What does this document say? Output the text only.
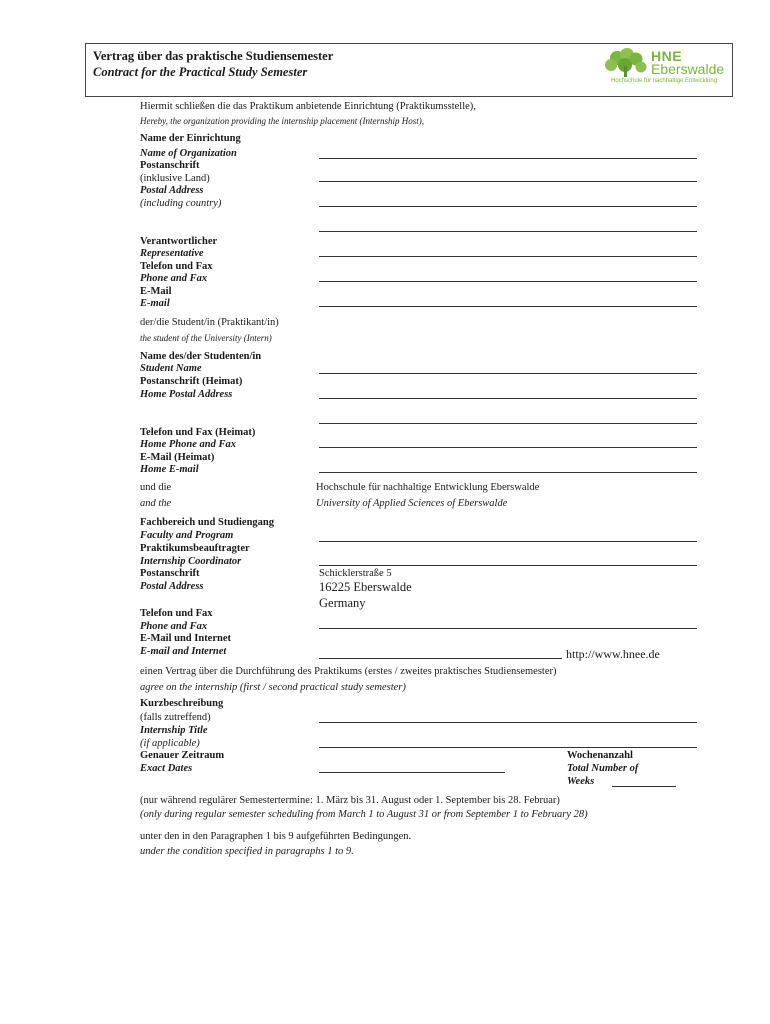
Vertrag über das praktische Studiensemester
Contract for the Practical Study Semester
HNE
Eberswalde
Hochschule für nachhaltige Entwicklung
Hiermit schließen die das Praktikum anbietende Einrichtung (Praktikumsstelle),
Hereby, the organization providing the internship placement (Internship Host),
Name der Einrichtung
Name of Organization
Postanschrift
(inklusive Land)
Postal Address
(including country)
Verantwortlicher
Representative
Telefon und Fax
Phone and Fax
E-Mail
E-mail
der/die Student/in (Praktikant/in)
the student of the University (Intern)
Name des/der Studenten/in
Student Name
Postanschrift (Heimat)
Home Postal Address
Telefon und Fax (Heimat)
Home Phone and Fax
E-Mail (Heimat)
Home E-mail
und die
and the
Hochschule für nachhaltige Entwicklung Eberswalde
University of Applied Sciences of Eberswalde
Fachbereich und Studiengang
Faculty and Program
Praktikumsbeauftragter
Internship Coordinator
Postanschrift
Postal Address
Schicklerstraße 5
16225 Eberswalde
Germany
Telefon und Fax
Phone and Fax
E-Mail und Internet
E-mail and Internet	http://www.hnee.de
einen Vertrag über die Durchführung des Praktikums (erstes / zweites praktisches Studiensemester)
agree on the internship (first / second practical study semester)
Kurzbeschreibung
(falls zutreffend)
Internship Title
(if applicable)
Genauer Zeitraum
Exact Dates
Wochenanzahl
Total Number of
Weeks
(nur während regulärer Semestertermine: 1. März bis 31. August oder 1. September bis 28. Februar)
(only during regular semester scheduling from March 1 to August 31 or from September 1 to February 28)
unter den in den Paragraphen 1 bis 9 aufgeführten Bedingungen.
under the condition specified in paragraphs 1 to 9.
